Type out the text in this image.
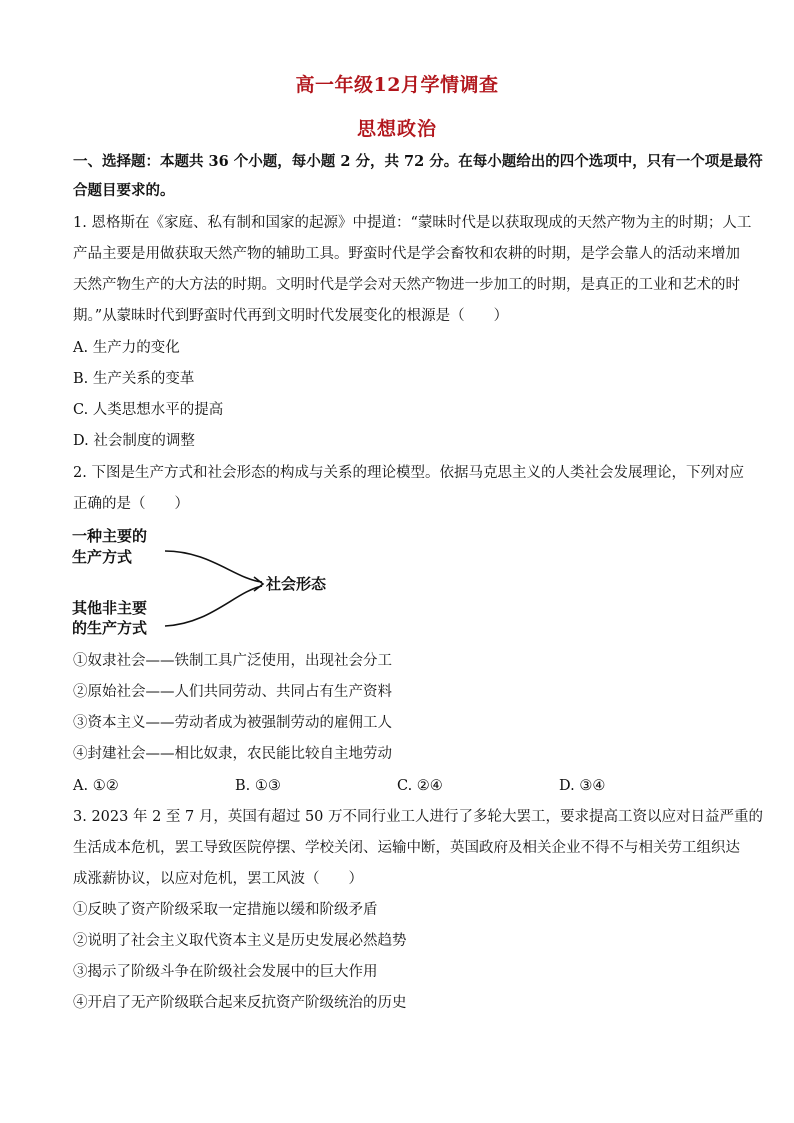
高一年级12月学情调查
思想政治
一、选择题：本题共 36 个小题，每小题 2 分，共 72 分。在每小题给出的四个选项中，只有一个项是最符
合题目要求的。
1. 恩格斯在《家庭、私有制和国家的起源》中提道：“蒙昧时代是以获取现成的天然产物为主的时期；人工
产品主要是用做获取天然产物的辅助工具。野蛮时代是学会畜牧和农耕的时期，是学会靠人的活动来增加
天然产物生产的大方法的时期。文明时代是学会对天然产物进一步加工的时期，是真正的工业和艺术的时
期。”从蒙昧时代到野蛮时代再到文明时代发展变化的根源是（　　）
A. 生产力的变化
B. 生产关系的变革
C. 人类思想水平的提高
D. 社会制度的调整
2. 下图是生产方式和社会形态的构成与关系的理论模型。依据马克思主义的人类社会发展理论，下列对应
正确的是（　　）
一种主要的
生产方式
其他非主要
的生产方式
社会形态
①奴隶社会——铁制工具广泛使用，出现社会分工
②原始社会——人们共同劳动、共同占有生产资料
③资本主义——劳动者成为被强制劳动的雇佣工人
④封建社会——相比奴隶，农民能比较自主地劳动
A. ①②	B. ①③	C. ②④	D. ③④
3. 2023 年 2 至 7 月，英国有超过 50 万不同行业工人进行了多轮大罢工，要求提高工资以应对日益严重的
生活成本危机，罢工导致医院停摆、学校关闭、运输中断，英国政府及相关企业不得不与相关劳工组织达
成涨薪协议，以应对危机，罢工风波（　　）
①反映了资产阶级采取一定措施以缓和阶级矛盾
②说明了社会主义取代资本主义是历史发展必然趋势
③揭示了阶级斗争在阶级社会发展中的巨大作用
④开启了无产阶级联合起来反抗资产阶级统治的历史
